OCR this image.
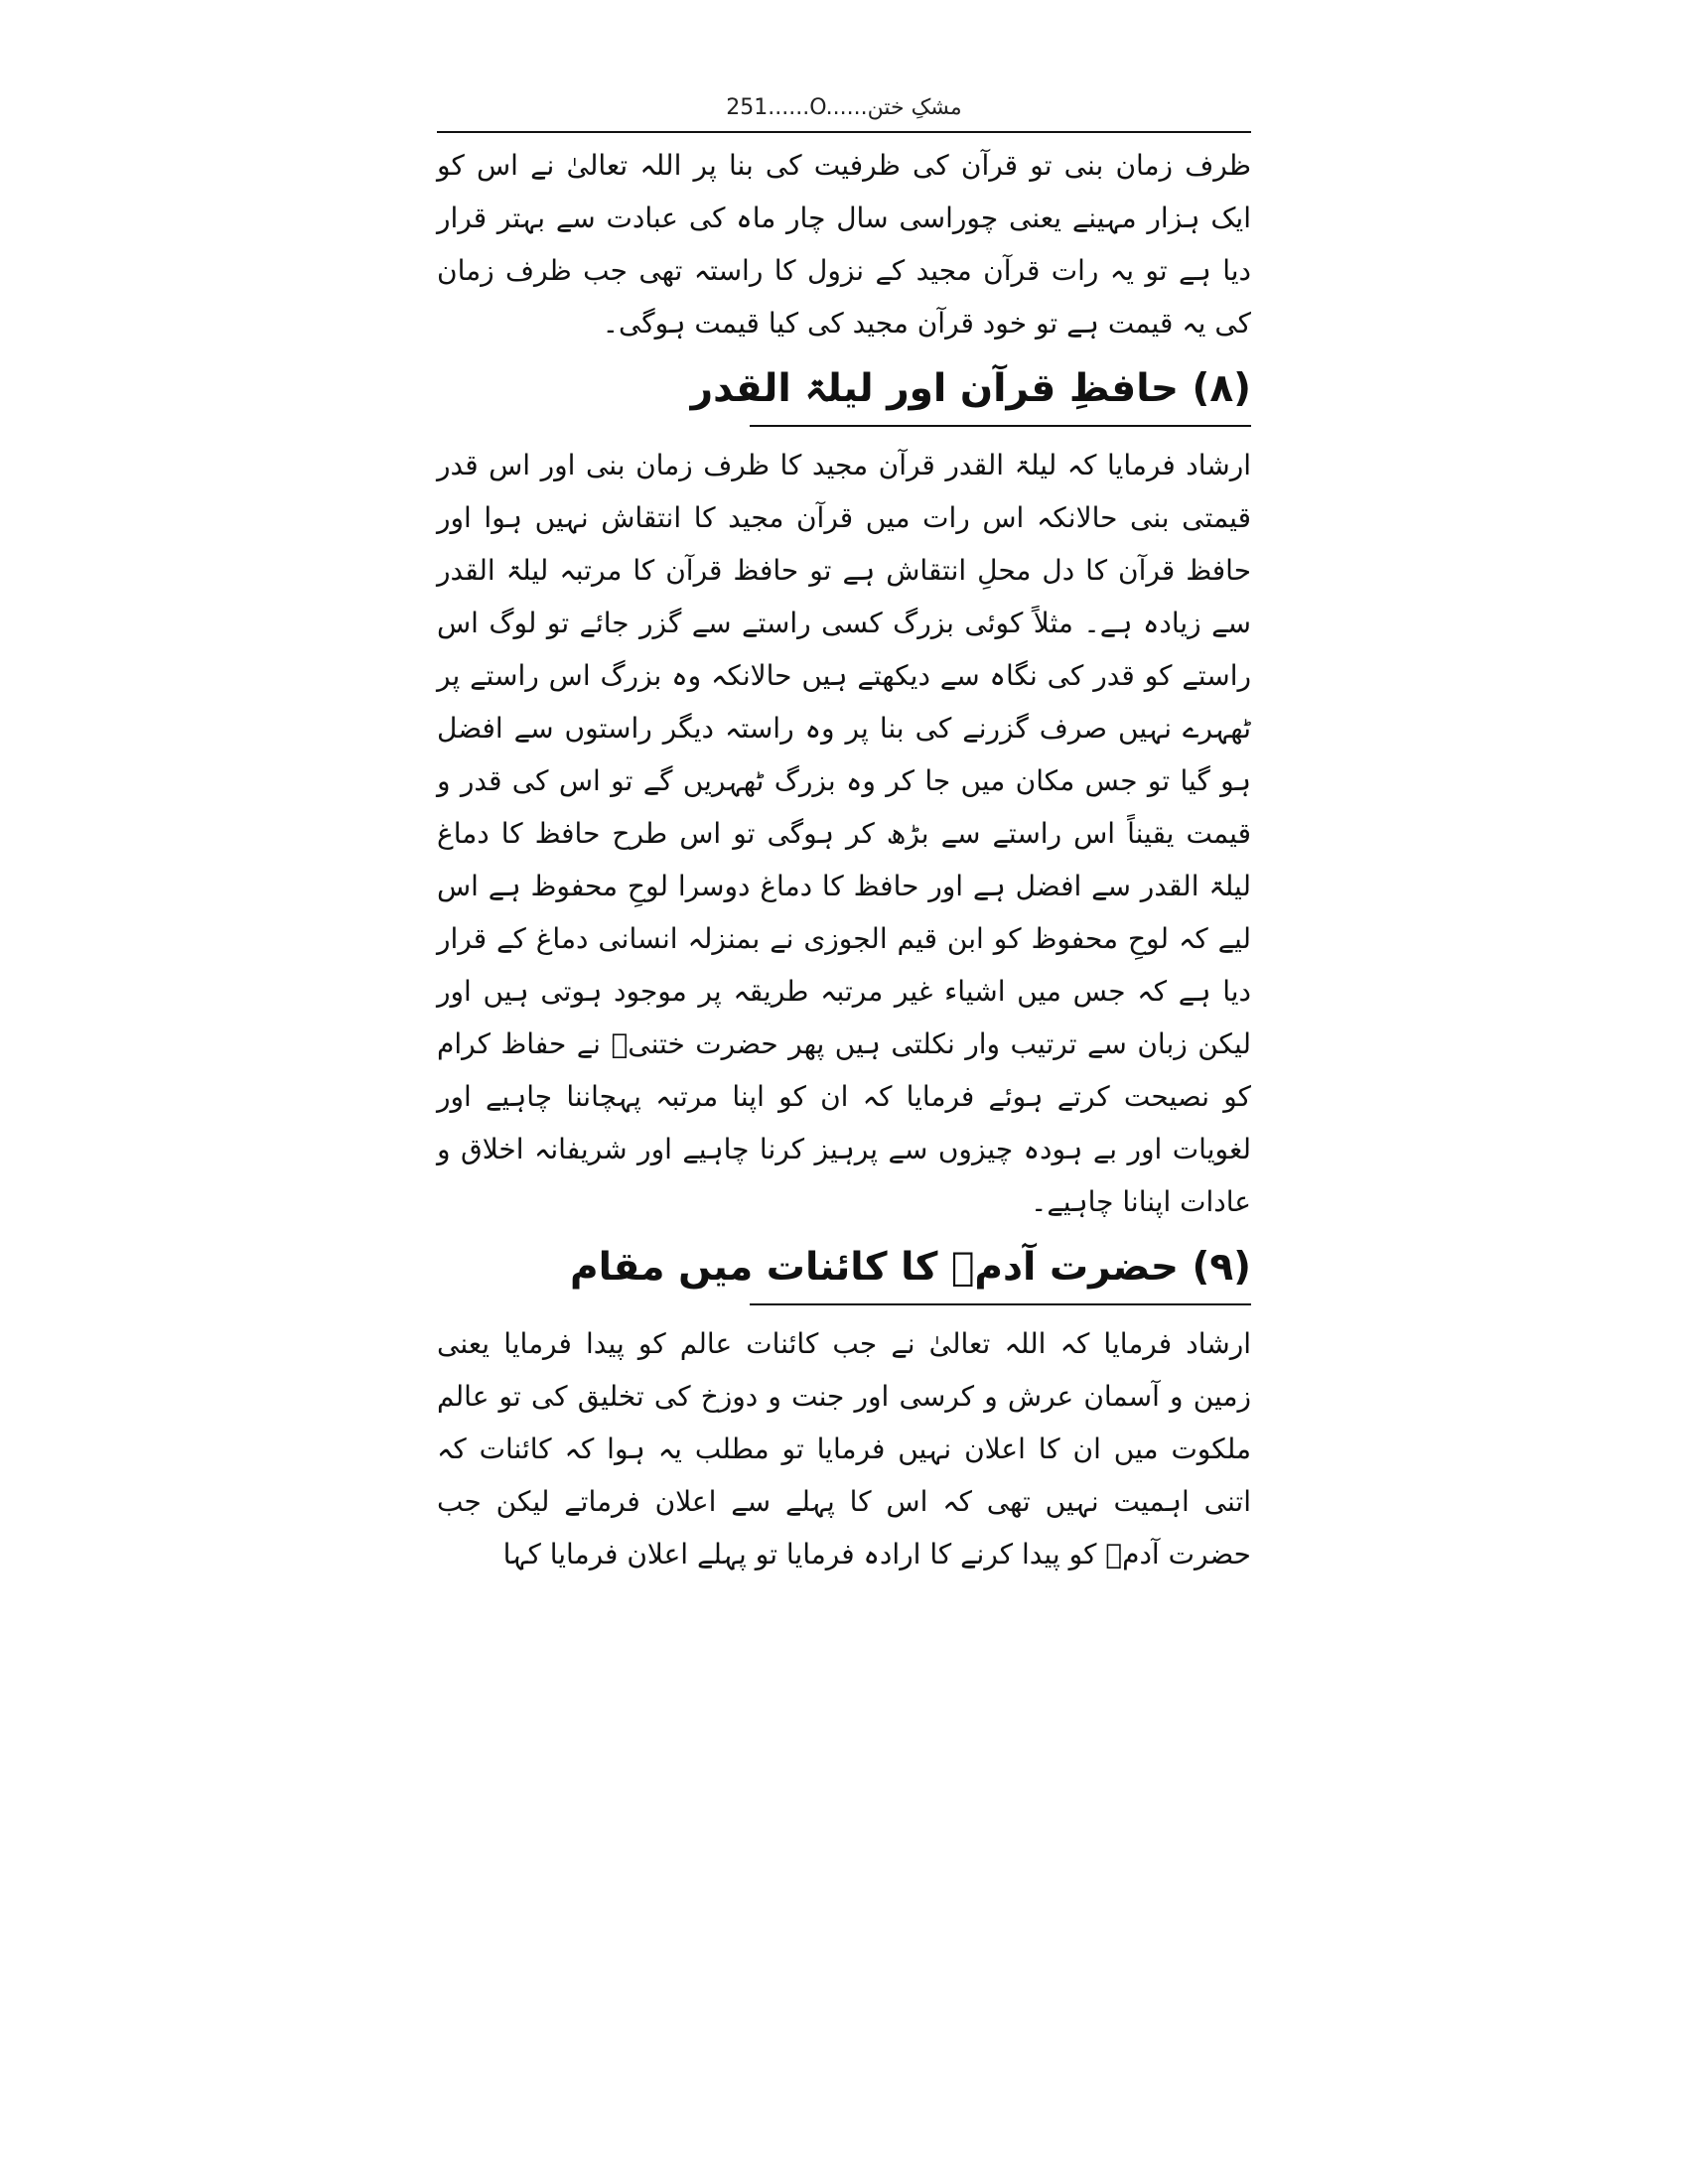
مشکِ ختن......O......251

ظرف زمان بنی تو قرآن کی ظرفیت کی بنا پر اللہ تعالیٰ نے اس کو ایک ہزار مہینے یعنی چوراسی سال چار ماہ کی عبادت سے بہتر قرار دیا ہے تو یہ رات قرآن مجید کے نزول کا راستہ تھی جب ظرف زمان کی یہ قیمت ہے تو خود قرآن مجید کی کیا قیمت ہوگی۔

(۸) حافظِ قرآن اور لیلۃ القدر

ارشاد فرمایا کہ لیلۃ القدر قرآن مجید کا ظرف زمان بنی اور اس قدر قیمتی بنی حالانکہ اس رات میں قرآن مجید کا انتقاش نہیں ہوا اور حافظ قرآن کا دل محلِ انتقاش ہے تو حافظ قرآن کا مرتبہ لیلۃ القدر سے زیادہ ہے۔ مثلاً کوئی بزرگ کسی راستے سے گزر جائے تو لوگ اس راستے کو قدر کی نگاہ سے دیکھتے ہیں حالانکہ وہ بزرگ اس راستے پر ٹھہرے نہیں صرف گزرنے کی بنا پر وہ راستہ دیگر راستوں سے افضل ہو گیا تو جس مکان میں جا کر وہ بزرگ ٹھہریں گے تو اس کی قدر و قیمت یقیناً اس راستے سے بڑھ کر ہوگی تو اس طرح حافظ کا دماغ لیلۃ القدر سے افضل ہے اور حافظ کا دماغ دوسرا لوحِ محفوظ ہے اس لیے کہ لوحِ محفوظ کو ابن قیم الجوزی نے بمنزلہ انسانی دماغ کے قرار دیا ہے کہ جس میں اشیاء غیر مرتبہ طریقہ پر موجود ہوتی ہیں اور لیکن زبان سے ترتیب وار نکلتی ہیں پھر حضرت ختنیؒ نے حفاظ کرام کو نصیحت کرتے ہوئے فرمایا کہ ان کو اپنا مرتبہ پہچاننا چاہیے اور لغویات اور بے ہودہ چیزوں سے پرہیز کرنا چاہیے اور شریفانہ اخلاق و عادات اپنانا چاہیے۔

(۹) حضرت آدمؑ کا کائنات میں مقام

ارشاد فرمایا کہ اللہ تعالیٰ نے جب کائنات عالم کو پیدا فرمایا یعنی زمین و آسمان عرش و کرسی اور جنت و دوزخ کی تخلیق کی تو عالم ملکوت میں ان کا اعلان نہیں فرمایا تو مطلب یہ ہوا کہ کائنات کہ اتنی اہمیت نہیں تھی کہ اس کا پہلے سے اعلان فرماتے لیکن جب حضرت آدمؑ کو پیدا کرنے کا ارادہ فرمایا تو پہلے اعلان فرمایا کہا
